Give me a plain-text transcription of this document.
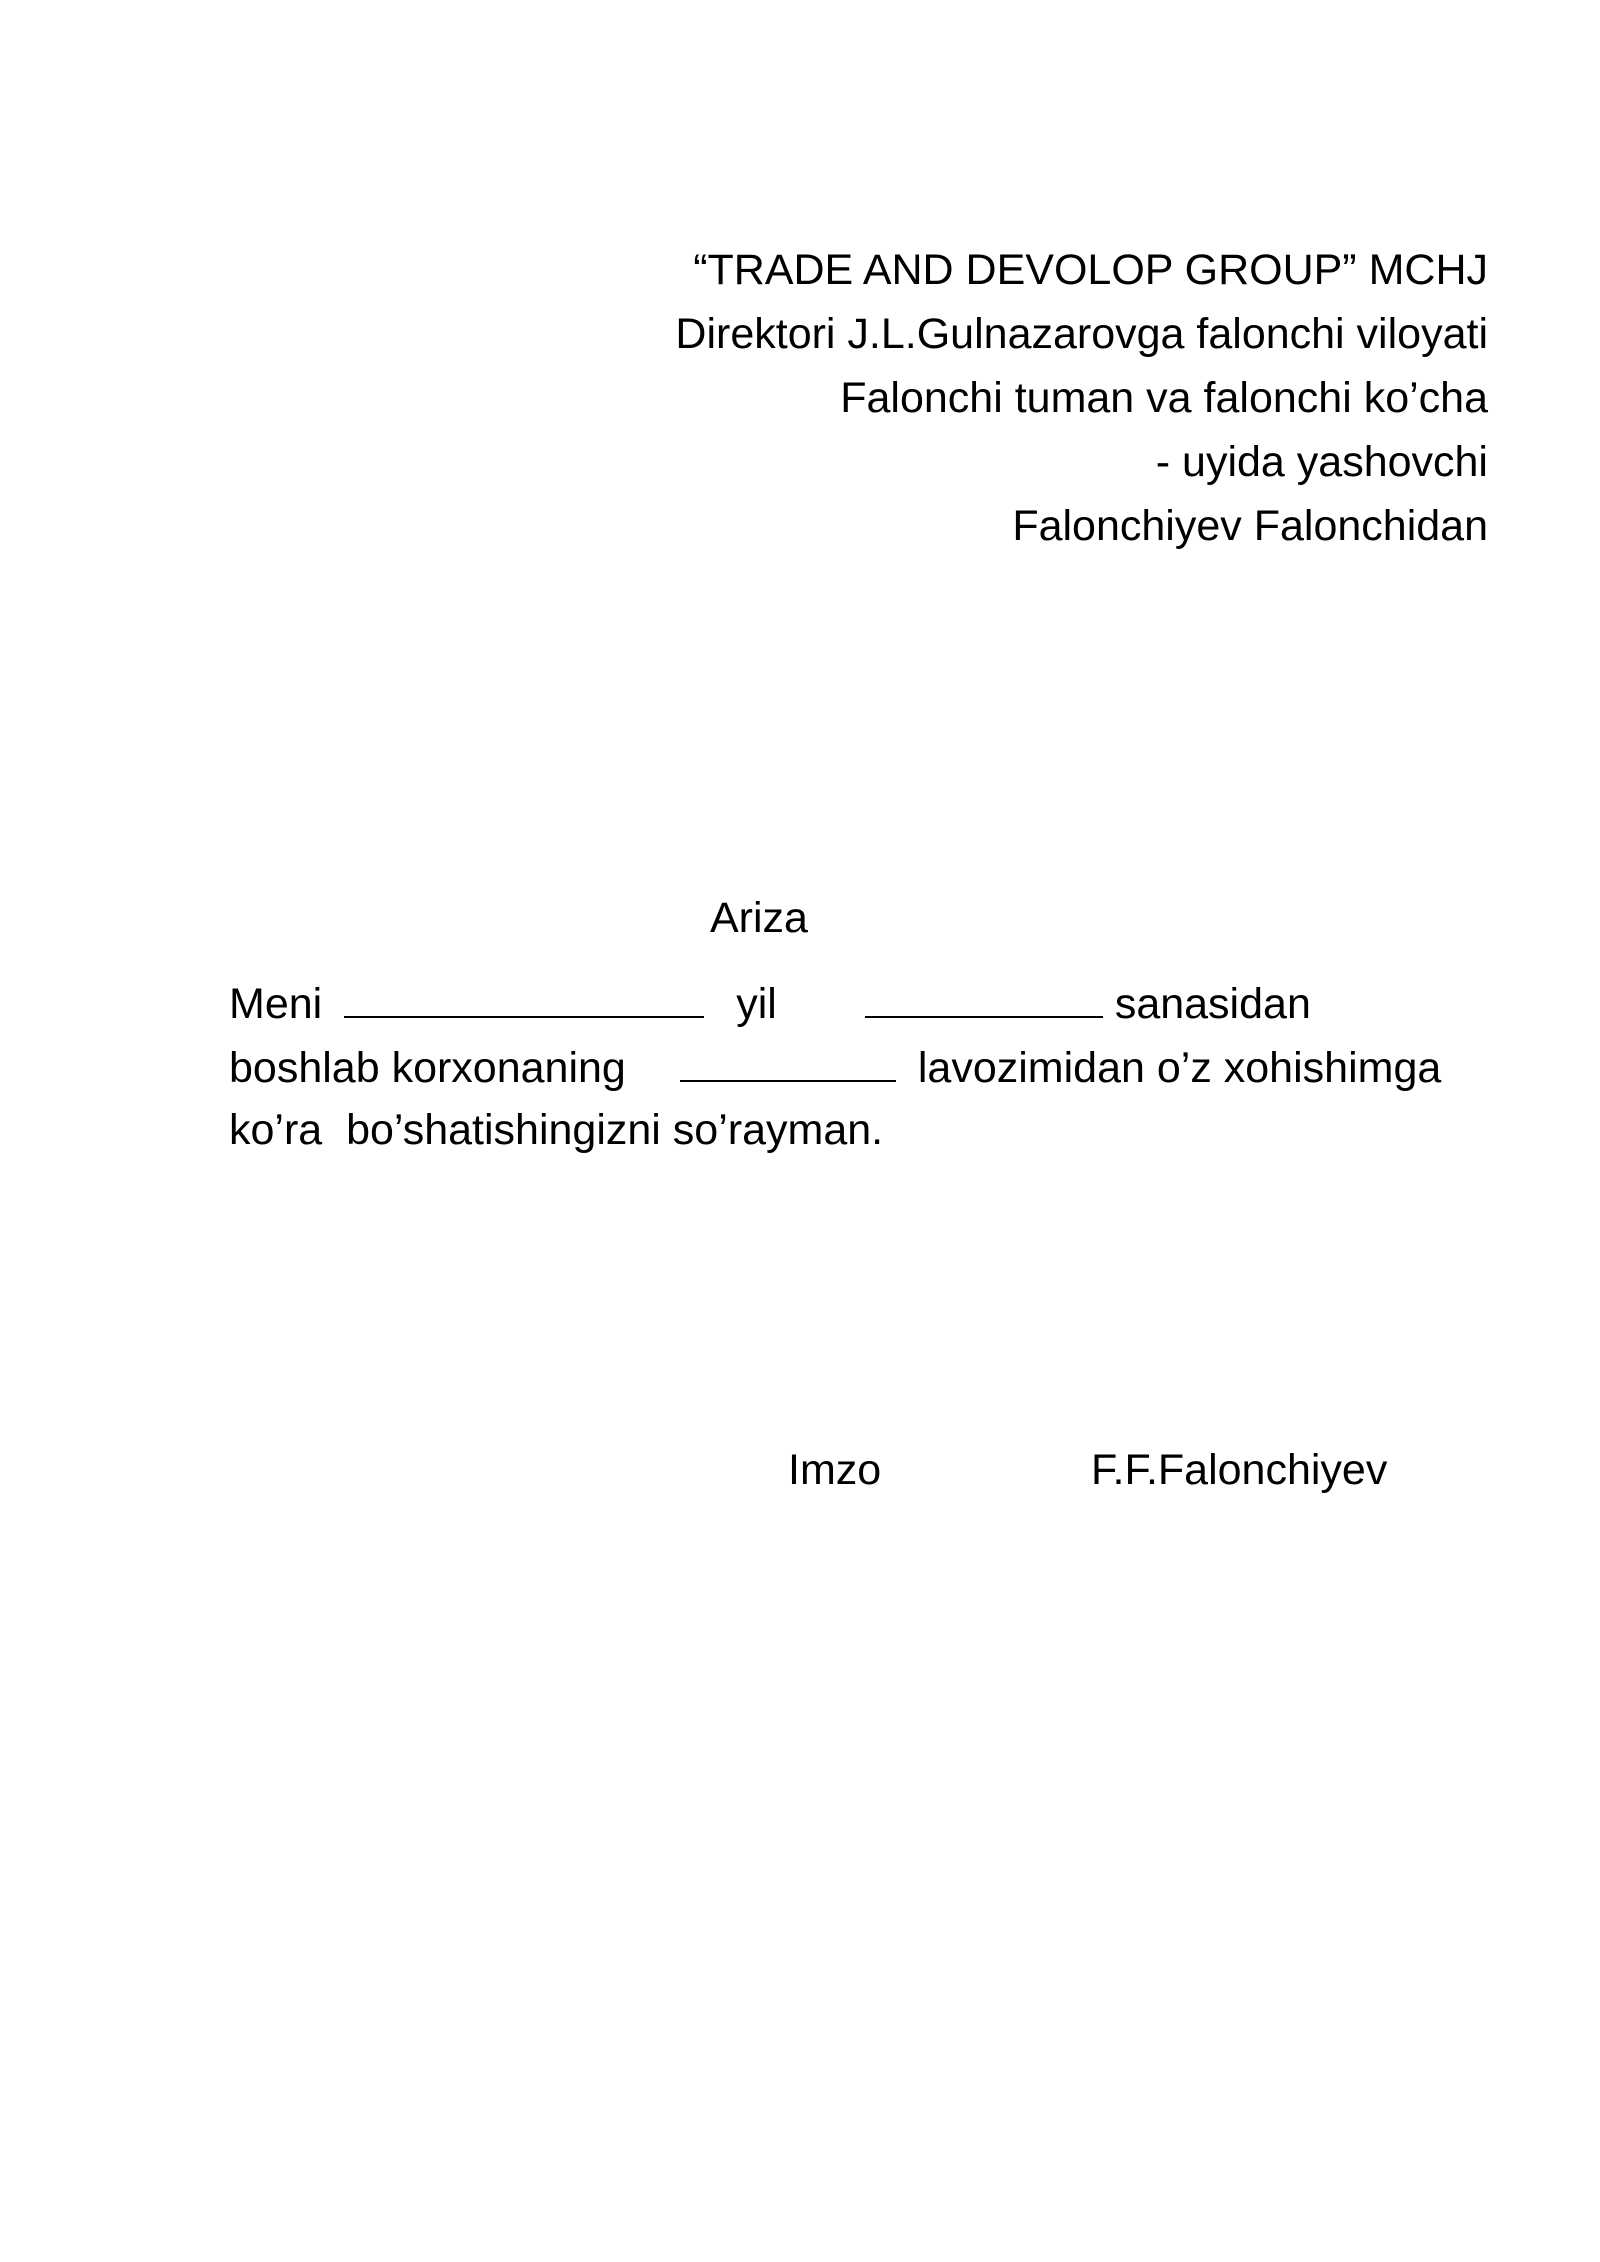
“TRADE AND DEVOLOP GROUP” MCHJ
Direktori J.L.Gulnazarovga falonchi viloyati
Falonchi tuman va falonchi ko’cha
- uyida yashovchi
Falonchiyev Falonchidan
Ariza
Meni	yil	sanasidan
boshlab korxonaning	lavozimidan o’z xohishimga
ko’ra  bo’shatishingizni so’rayman.
Imzo	F.F.Falonchiyev
